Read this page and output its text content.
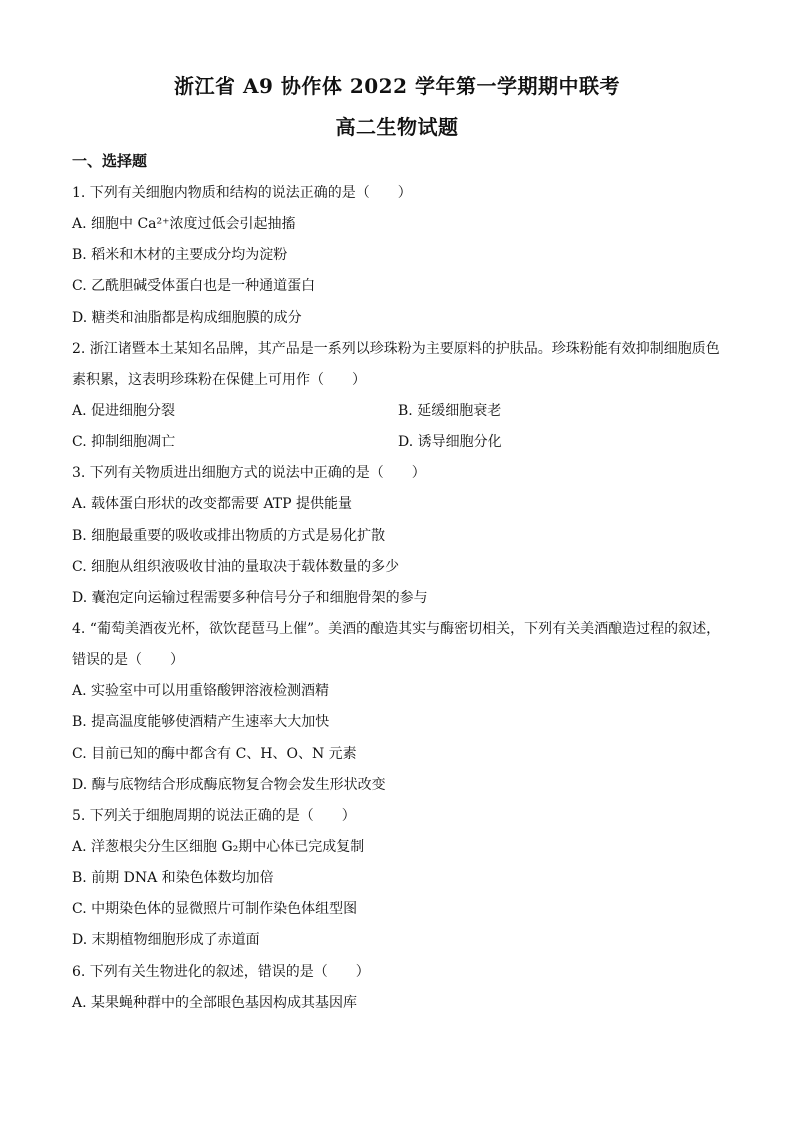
浙江省 A9 协作体 2022 学年第一学期期中联考
高二生物试题
一、选择题
1. 下列有关细胞内物质和结构的说法正确的是（　　）
A. 细胞中 Ca²⁺浓度过低会引起抽搐
B. 稻米和木材的主要成分均为淀粉
C. 乙酰胆碱受体蛋白也是一种通道蛋白
D. 糖类和油脂都是构成细胞膜的成分
2. 浙江诸暨本土某知名品牌，其产品是一系列以珍珠粉为主要原料的护肤品。珍珠粉能有效抑制细胞质色
素积累，这表明珍珠粉在保健上可用作（　　）
A. 促进细胞分裂	B. 延缓细胞衰老
C. 抑制细胞凋亡	D. 诱导细胞分化
3. 下列有关物质进出细胞方式的说法中正确的是（　　）
A. 载体蛋白形状的改变都需要 ATP 提供能量
B. 细胞最重要的吸收或排出物质的方式是易化扩散
C. 细胞从组织液吸收甘油的量取决于载体数量的多少
D. 囊泡定向运输过程需要多种信号分子和细胞骨架的参与
4. “葡萄美酒夜光杯，欲饮琵琶马上催”。美酒的酿造其实与酶密切相关，下列有关美酒酿造过程的叙述，
错误的是（　　）
A. 实验室中可以用重铬酸钾溶液检测酒精
B. 提高温度能够使酒精产生速率大大加快
C. 目前已知的酶中都含有 C、H、O、N 元素
D. 酶与底物结合形成酶底物复合物会发生形状改变
5. 下列关于细胞周期的说法正确的是（　　）
A. 洋葱根尖分生区细胞 G₂期中心体已完成复制
B. 前期 DNA 和染色体数均加倍
C. 中期染色体的显微照片可制作染色体组型图
D. 末期植物细胞形成了赤道面
6. 下列有关生物进化的叙述，错误的是（　　）
A. 某果蝇种群中的全部眼色基因构成其基因库
